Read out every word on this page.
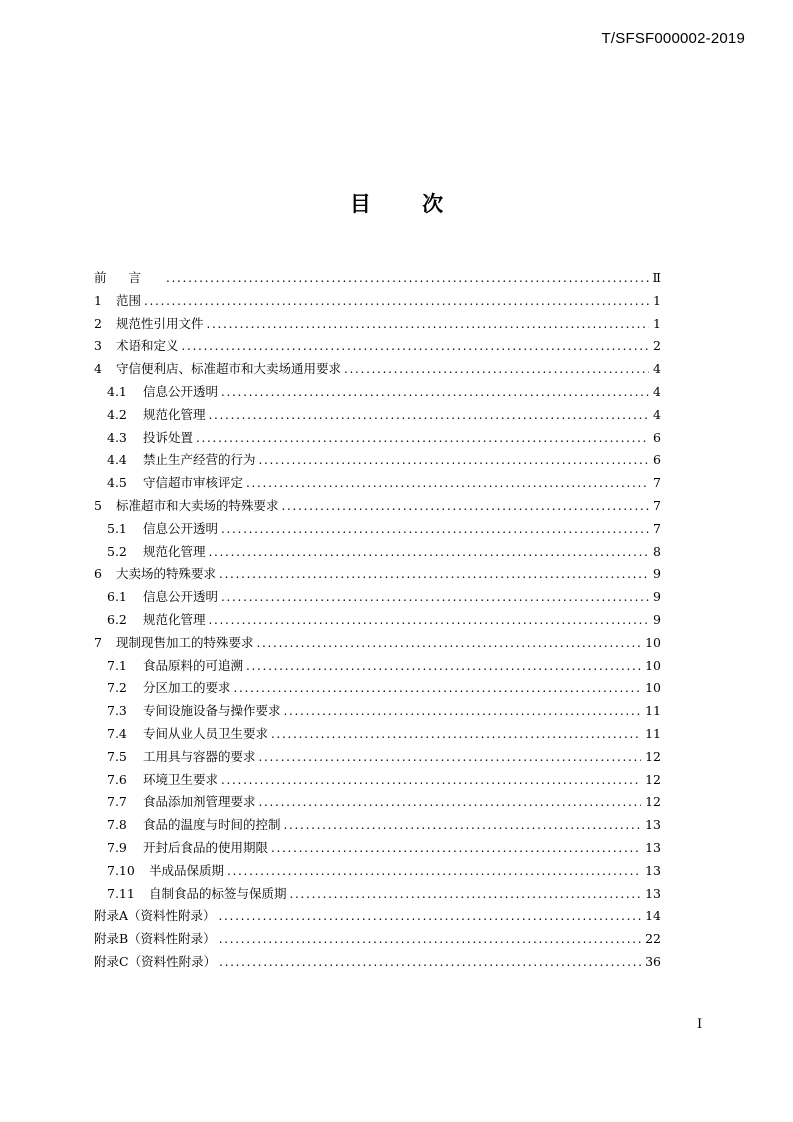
T/SFSF000002-2019
目 次
前言 .....	Ⅱ
1	范围 .....	1
2	规范性引用文件 .....	1
3	术语和定义 .....	2
4	守信便利店、标准超市和大卖场通用要求 .....	4
4.1	信息公开透明 .....	4
4.2	规范化管理 .....	4
4.3	投诉处置 .....	6
4.4	禁止生产经营的行为 .....	6
4.5	守信超市审核评定 .....	7
5	标准超市和大卖场的特殊要求 .....	7
5.1	信息公开透明 .....	7
5.2	规范化管理 .....	8
6	大卖场的特殊要求 .....	9
6.1	信息公开透明 .....	9
6.2	规范化管理 .....	9
7	现制现售加工的特殊要求 .....	10
7.1	食品原料的可追溯 .....	10
7.2	分区加工的要求 .....	10
7.3	专间设施设备与操作要求 .....	11
7.4	专间从业人员卫生要求 .....	11
7.5	工用具与容器的要求 .....	12
7.6	环境卫生要求 .....	12
7.7	食品添加剂管理要求 .....	12
7.8	食品的温度与时间的控制 .....	13
7.9	开封后食品的使用期限 .....	13
7.10	半成品保质期 .....	13
7.11	自制食品的标签与保质期 .....	13
附录A（资料性附录） .....	14
附录B（资料性附录） .....	22
附录C（资料性附录） .....	36
I
